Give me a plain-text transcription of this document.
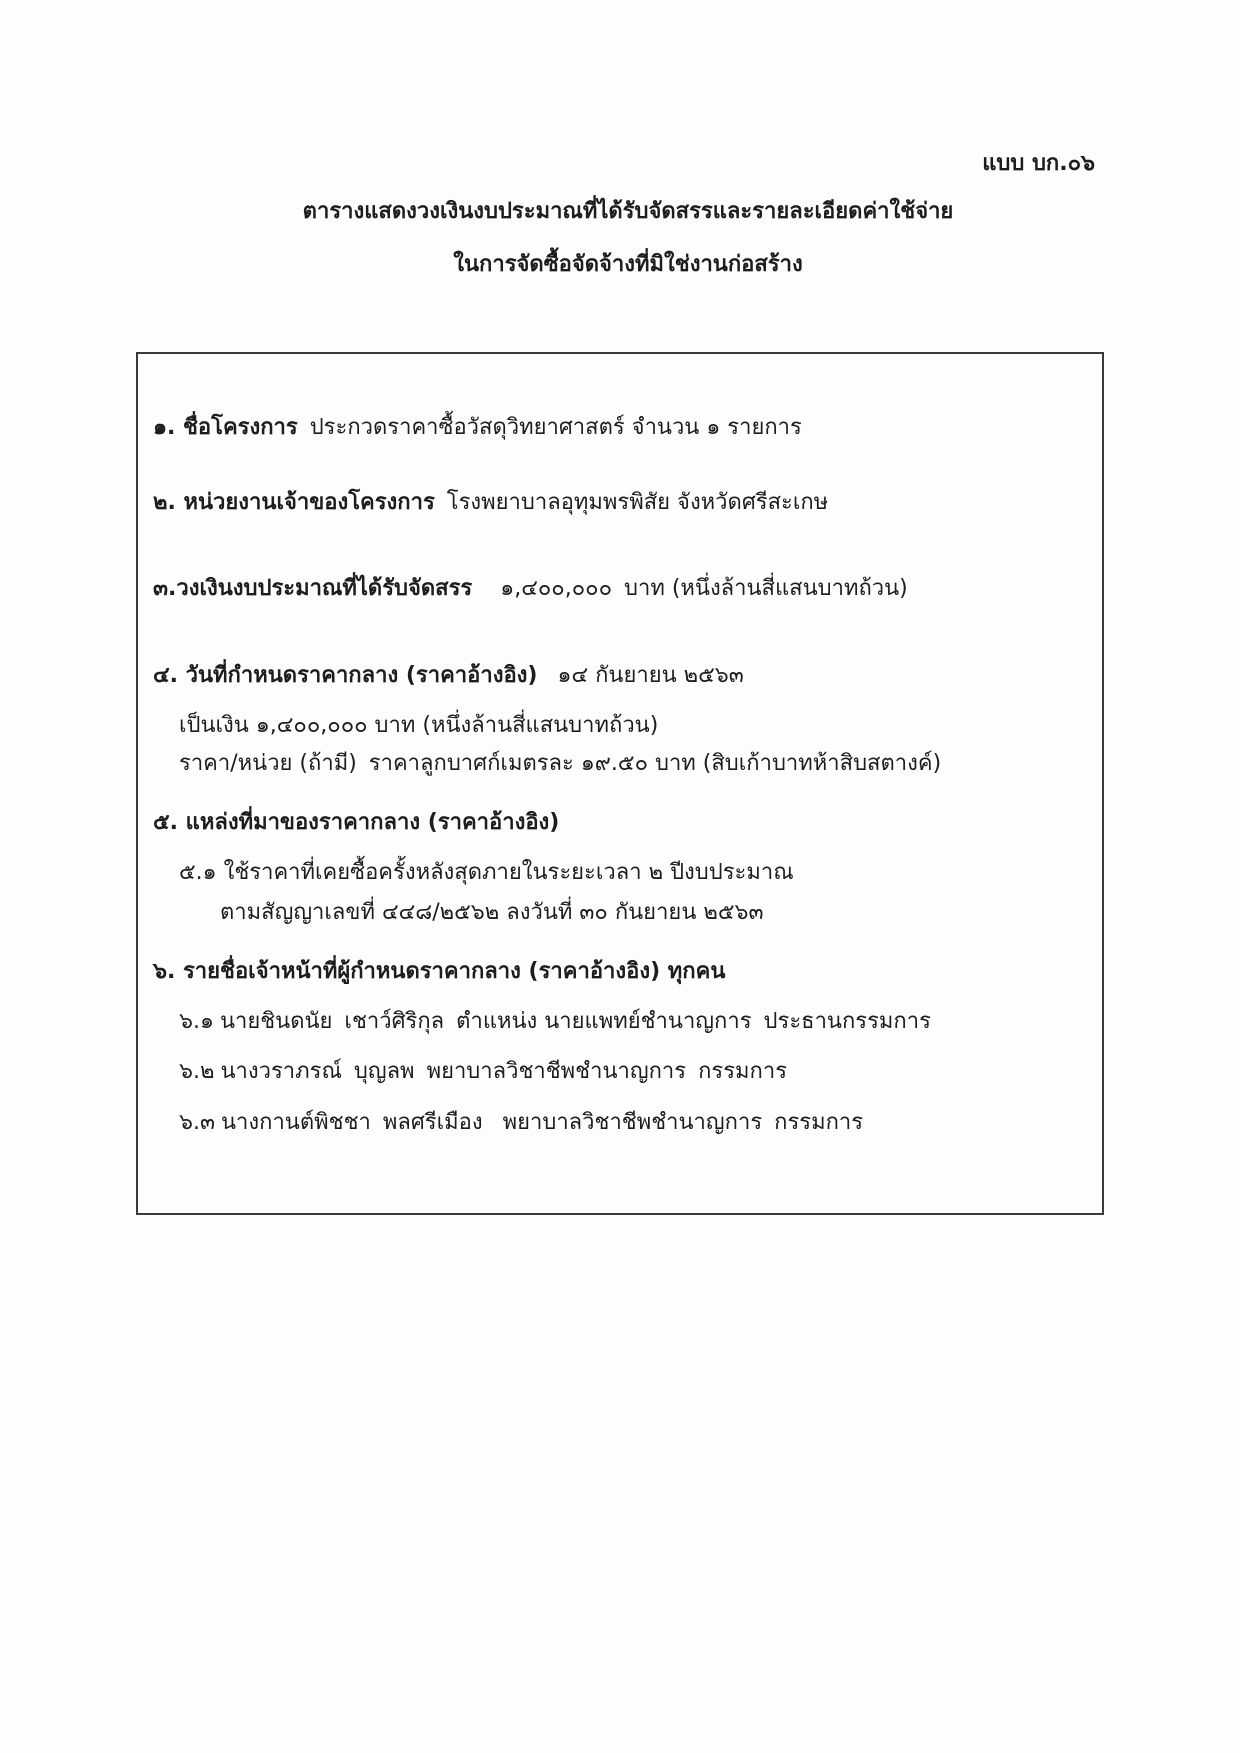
แบบ บก.๐๖
ตารางแสดงวงเงินงบประมาณที่ได้รับจัดสรรและรายละเอียดค่าใช้จ่าย
ในการจัดซื้อจัดจ้างที่มิใช่งานก่อสร้าง
๑. ชื่อโครงการ ประกวดราคาซื้อวัสดุวิทยาศาสตร์ จำนวน ๑ รายการ
๒. หน่วยงานเจ้าของโครงการ โรงพยาบาลอุทุมพรพิสัย จังหวัดศรีสะเกษ
๓.วงเงินงบประมาณที่ได้รับจัดสรร ๑,๔๐๐,๐๐๐ บาท (หนึ่งล้านสี่แสนบาทถ้วน)
๔. วันที่กำหนดราคากลาง (ราคาอ้างอิง) ๑๔ กันยายน ๒๕๖๓
เป็นเงิน ๑,๔๐๐,๐๐๐ บาท (หนึ่งล้านสี่แสนบาทถ้วน)
ราคา/หน่วย (ถ้ามี) ราคาลูกบาศก์เมตรละ ๑๙.๕๐ บาท (สิบเก้าบาทห้าสิบสตางค์)
๕. แหล่งที่มาของราคากลาง (ราคาอ้างอิง)
๕.๑ ใช้ราคาที่เคยซื้อครั้งหลังสุดภายในระยะเวลา ๒ ปีงบประมาณ
ตามสัญญาเลขที่ ๔๔๘/๒๕๖๒ ลงวันที่ ๓๐ กันยายน ๒๕๖๓
๖. รายชื่อเจ้าหน้าที่ผู้กำหนดราคากลาง (ราคาอ้างอิง) ทุกคน
๖.๑ นายชินดนัย เชาว์ศิริกุล ตำแหน่ง นายแพทย์ชำนาญการ ประธานกรรมการ
๖.๒ นางวราภรณ์ บุญลพ พยาบาลวิชาชีพชำนาญการ กรรมการ
๖.๓ นางกานต์พิชชา พลศรีเมือง พยาบาลวิชาชีพชำนาญการ กรรมการ
